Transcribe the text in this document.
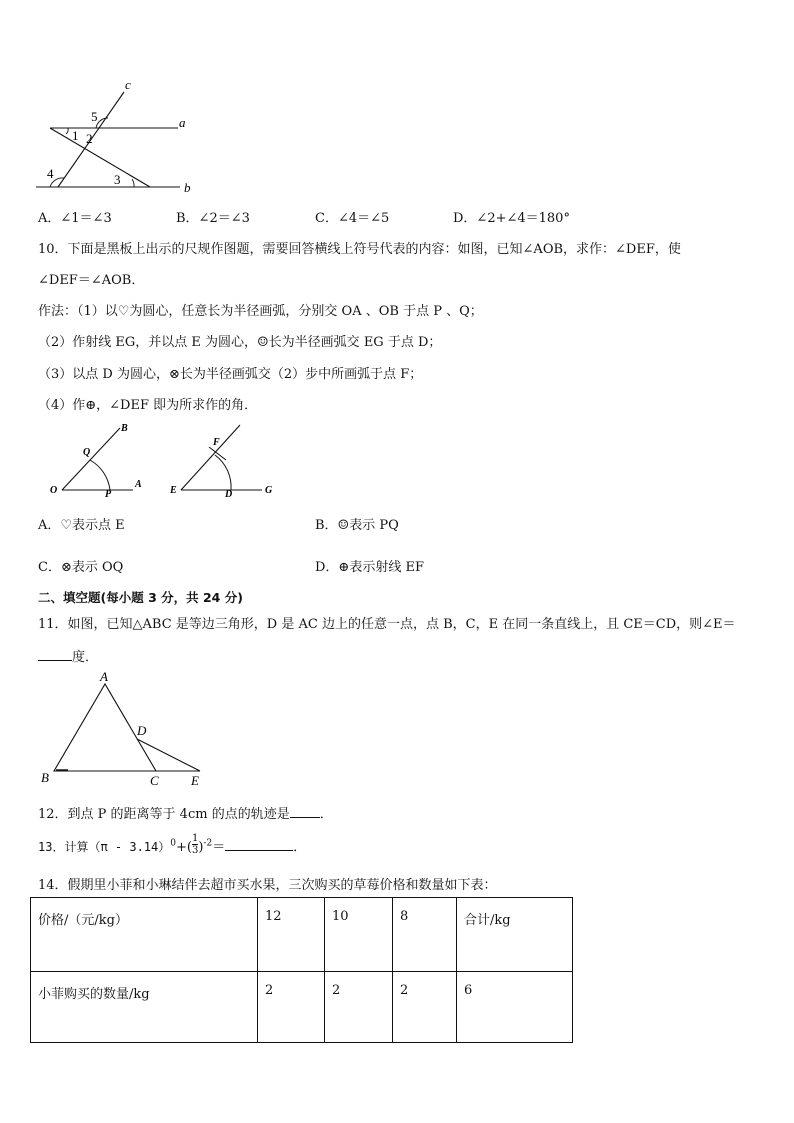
c
a
b
5
1 2
4	3
A．∠1＝∠3	B．∠2＝∠3	C．∠4＝∠5	D．∠2+∠4＝180°
10．下面是黑板上出示的尺规作图题，需要回答横线上符号代表的内容：如图，已知∠AOB，求作：∠DEF，使
∠DEF＝∠AOB．
作法：（1）以♡为圆心，任意长为半径画弧，分别交 OA 、OB 于点 P 、Q；
（2）作射线 EG，并以点 E 为圆心，☺长为半径画弧交 EG 于点 D；
（3）以点 D 为圆心，⊗长为半径画弧交（2）步中所画弧于点 F；
（4）作⊕，∠DEF 即为所求作的角．
B
Q
O	P
A
F
E	D	G
A．♡表示点 E	B．☺表示 PQ
C．⊗表示 OQ	D．⊕表示射线 EF
二、填空题(每小题 3 分，共 24 分)
11．如图，已知△ABC 是等边三角形，D 是 AC 边上的任意一点，点 B，C，E 在同一条直线上，且 CE＝CD，则∠E＝
度．
A
B	C
D
E
12．到点 P 的距离等于 4cm 的点的轨迹是 ．
13．计算$(\pi - 3.14)^0+( \frac{1}{3} )^{-2}=$	．
14．假期里小菲和小琳结伴去超市买水果，三次购买的草莓价格和数量如下表：
价格/（元/kg）	12	10	8	合计/kg
小菲购买的数量/kg	2	2	2	6
